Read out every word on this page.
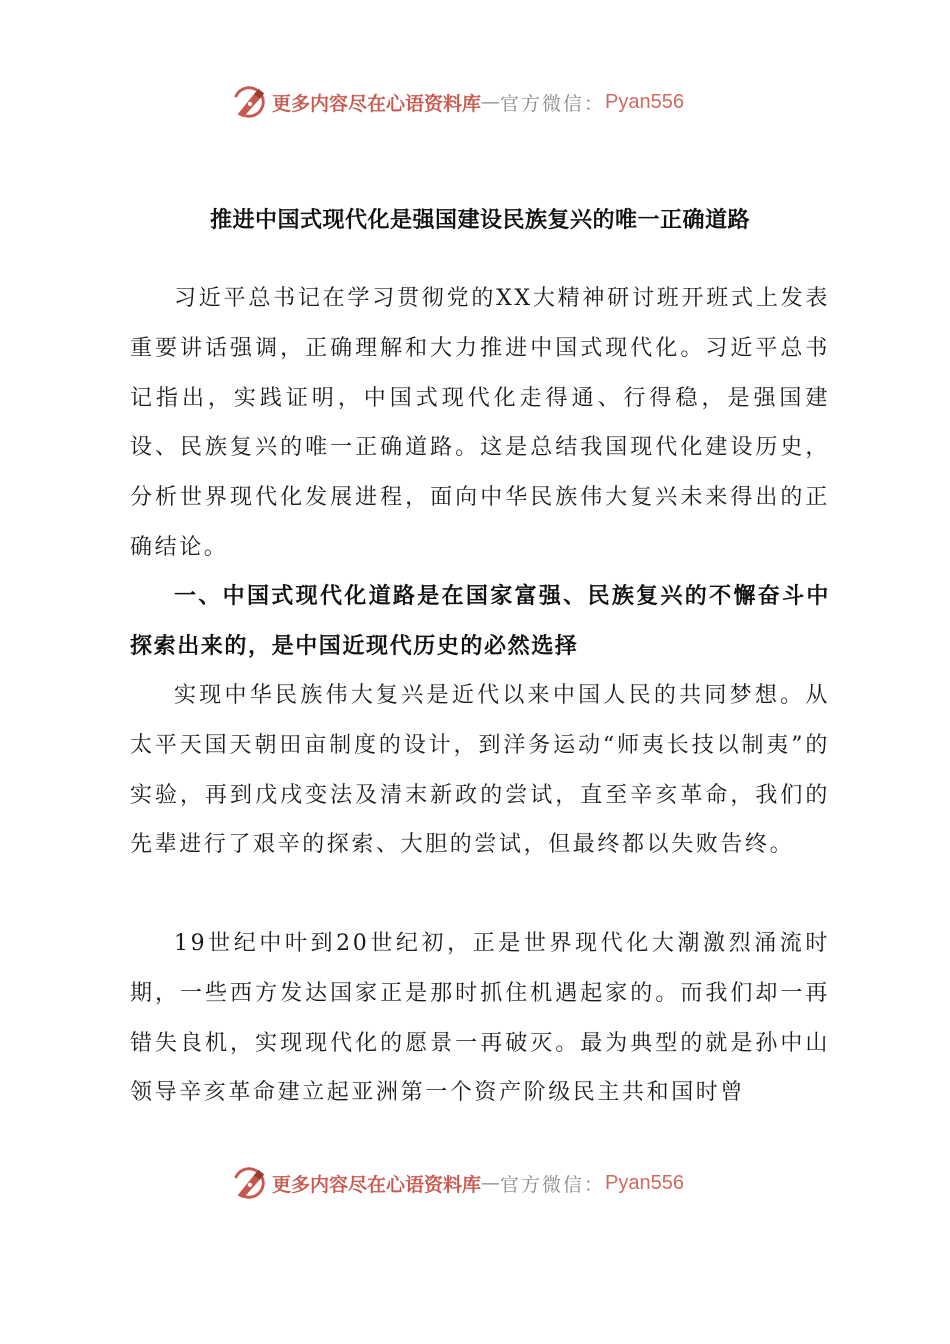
更多内容尽在心语资料库 — 官方微信： Pyan556
推进中国式现代化是强国建设民族复兴的唯一正确道路

习近平总书记在学习贯彻党的XX大精神研讨班开班式上发表重要讲话强调，正确理解和大力推进中国式现代化。习近平总书记指出，实践证明，中国式现代化走得通、行得稳，是强国建设、民族复兴的唯一正确道路。这是总结我国现代化建设历史，分析世界现代化发展进程，面向中华民族伟大复兴未来得出的正确结论。

一、中国式现代化道路是在国家富强、民族复兴的不懈奋斗中探索出来的，是中国近现代历史的必然选择

实现中华民族伟大复兴是近代以来中国人民的共同梦想。从太平天国天朝田亩制度的设计，到洋务运动“师夷长技以制夷”的实验，再到戊戌变法及清末新政的尝试，直至辛亥革命，我们的先辈进行了艰辛的探索、大胆的尝试，但最终都以失败告终。

19世纪中叶到20世纪初，正是世界现代化大潮激烈涌流时期，一些西方发达国家正是那时抓住机遇起家的。而我们却一再错失良机，实现现代化的愿景一再破灭。最为典型的就是孙中山领导辛亥革命建立起亚洲第一个资产阶级民主共和国时曾

更多内容尽在心语资料库 — 官方微信： Pyan556
